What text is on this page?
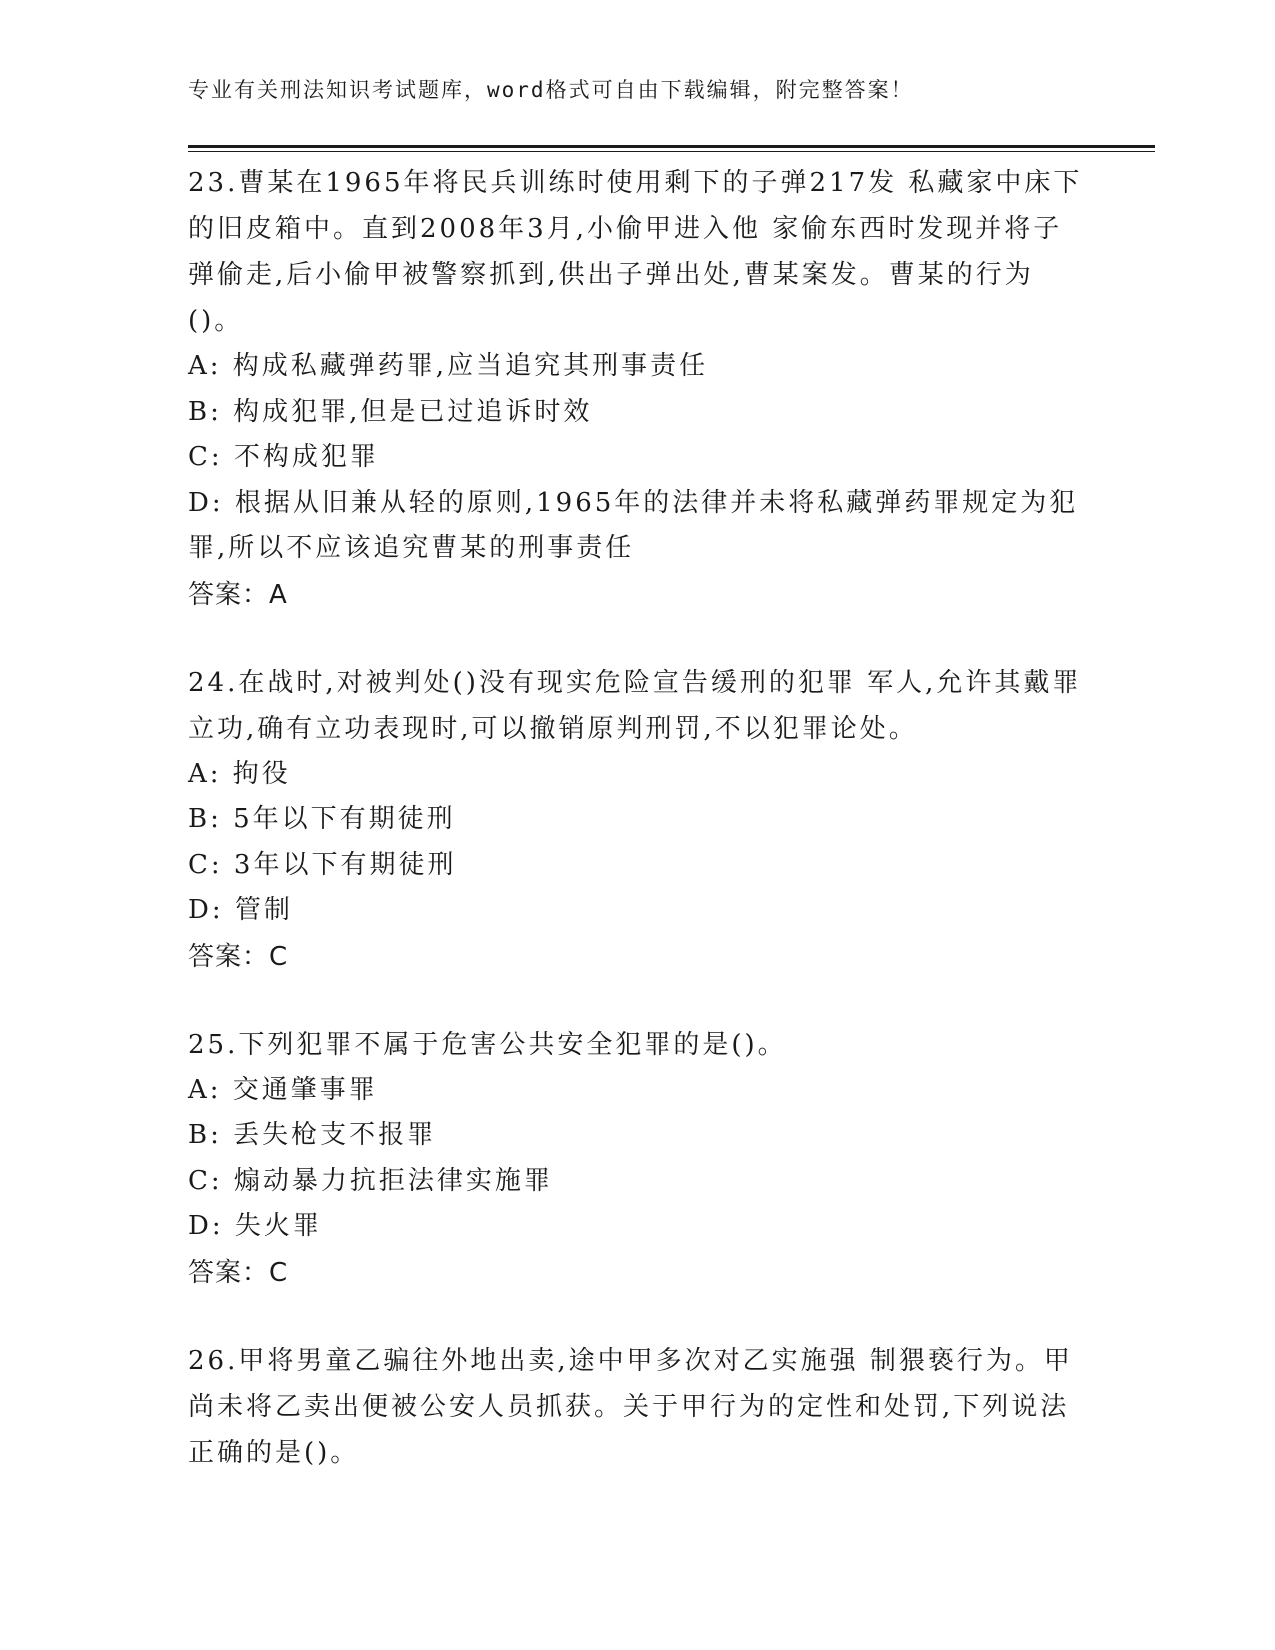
专业有关刑法知识考试题库，word格式可自由下载编辑，附完整答案！

23.曹某在1965年将民兵训练时使用剩下的子弹217发 私藏家中床下的旧皮箱中。直到2008年3月,小偷甲进入他 家偷东西时发现并将子弹偷走,后小偷甲被警察抓到,供出子弹出处,曹某案发。曹某的行为()。

A: 构成私藏弹药罪,应当追究其刑事责任

B: 构成犯罪,但是已过追诉时效

C: 不构成犯罪

D: 根据从旧兼从轻的原则,1965年的法律并未将私藏弹药罪规定为犯罪,所以不应该追究曹某的刑事责任

答案：A

24.在战时,对被判处()没有现实危险宣告缓刑的犯罪 军人,允许其戴罪立功,确有立功表现时,可以撤销原判刑罚,不以犯罪论处。

A: 拘役

B: 5年以下有期徒刑

C: 3年以下有期徒刑

D: 管制

答案：C

25.下列犯罪不属于危害公共安全犯罪的是()。

A: 交通肇事罪

B: 丢失枪支不报罪

C: 煽动暴力抗拒法律实施罪

D: 失火罪

答案：C

26.甲将男童乙骗往外地出卖,途中甲多次对乙实施强 制猥亵行为。甲尚未将乙卖出便被公安人员抓获。关于甲行为的定性和处罚,下列说法正确的是()。
